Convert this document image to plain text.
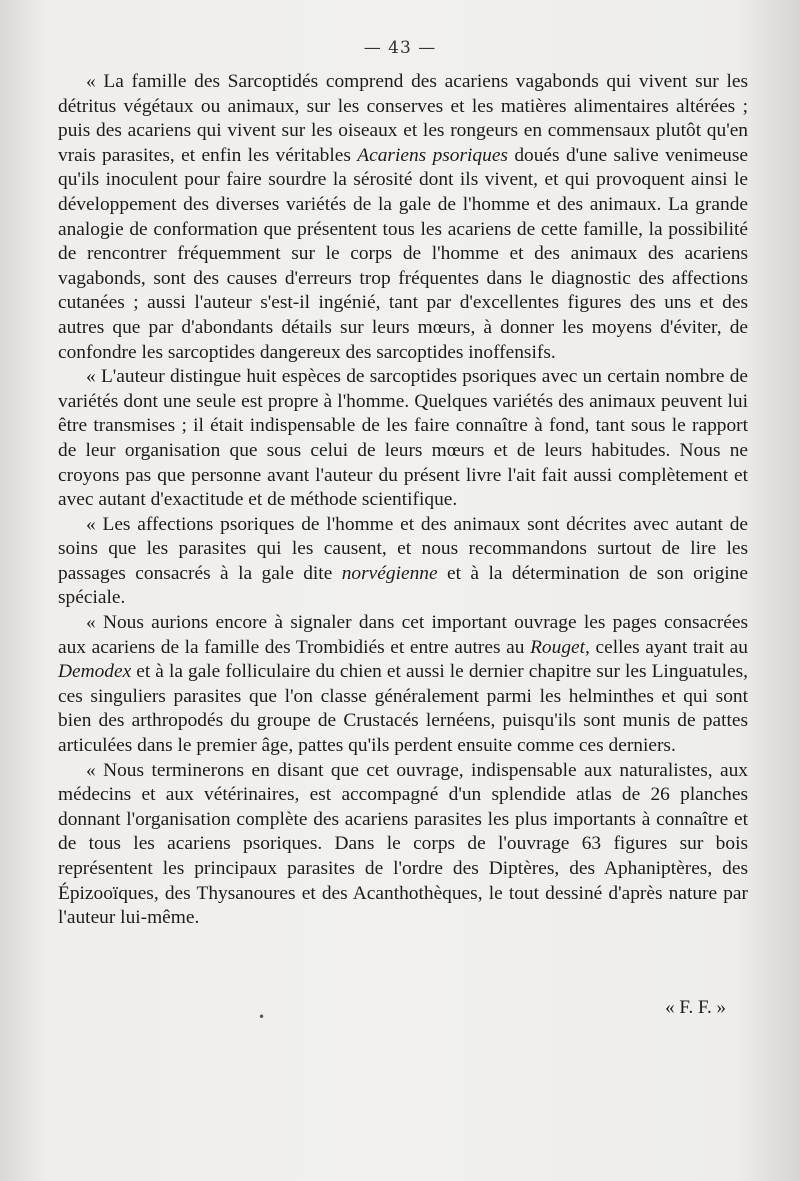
— 43 —

« La famille des Sarcoptidés comprend des acariens vagabonds qui vivent sur les détritus végétaux ou animaux, sur les conserves et les matières alimentaires altérées ; puis des acariens qui vivent sur les oiseaux et les rongeurs en commensaux plutôt qu'en vrais parasites, et enfin les véritables Acariens psoriques doués d'une salive venimeuse qu'ils inoculent pour faire sourdre la sérosité dont ils vivent, et qui provoquent ainsi le développement des diverses variétés de la gale de l'homme et des animaux. La grande analogie de conformation que présentent tous les acariens de cette famille, la possibilité de rencontrer fréquemment sur le corps de l'homme et des animaux des acariens vagabonds, sont des causes d'erreurs trop fréquentes dans le diagnostic des affections cutanées ; aussi l'auteur s'est-il ingénié, tant par d'excellentes figures des uns et des autres que par d'abondants détails sur leurs mœurs, à donner les moyens d'éviter, de confondre les sarcoptides dangereux des sarcoptides inoffensifs.

« L'auteur distingue huit espèces de sarcoptides psoriques avec un certain nombre de variétés dont une seule est propre à l'homme. Quelques variétés des animaux peuvent lui être transmises ; il était indispensable de les faire connaître à fond, tant sous le rapport de leur organisation que sous celui de leurs mœurs et de leurs habitudes. Nous ne croyons pas que personne avant l'auteur du présent livre l'ait fait aussi complètement et avec autant d'exactitude et de méthode scientifique.

« Les affections psoriques de l'homme et des animaux sont décrites avec autant de soins que les parasites qui les causent, et nous recommandons surtout de lire les passages consacrés à la gale dite norvégienne et à la détermination de son origine spéciale.

« Nous aurions encore à signaler dans cet important ouvrage les pages consacrées aux acariens de la famille des Trombidiés et entre autres au Rouget, celles ayant trait au Demodex et à la gale folliculaire du chien et aussi le dernier chapitre sur les Linguatules, ces singuliers parasites que l'on classe généralement parmi les helminthes et qui sont bien des arthropodés du groupe de Crustacés lernéens, puisqu'ils sont munis de pattes articulées dans le premier âge, pattes qu'ils perdent ensuite comme ces derniers.

« Nous terminerons en disant que cet ouvrage, indispensable aux naturalistes, aux médecins et aux vétérinaires, est accompagné d'un splendide atlas de 26 planches donnant l'organisation complète des acariens parasites les plus importants à connaître et de tous les acariens psoriques. Dans le corps de l'ouvrage 63 figures sur bois représentent les principaux parasites de l'ordre des Diptères, des Aphaniptères, des Épizooïques, des Thysanoures et des Acanthothèques, le tout dessiné d'après nature par l'auteur lui-même.

•	« F. F. »
